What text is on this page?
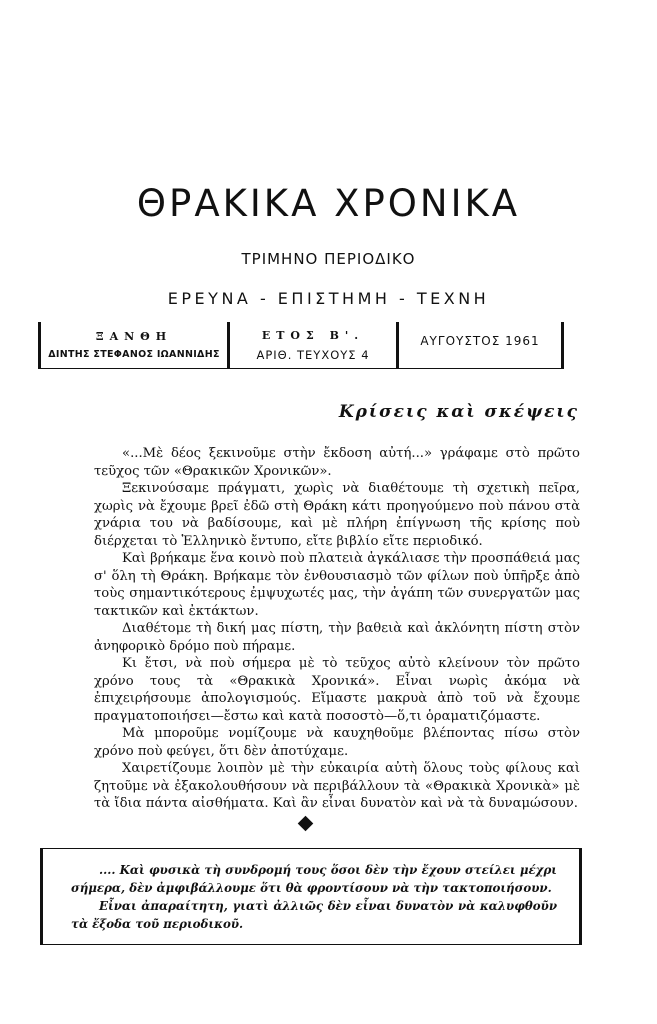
ΘΡΑΚΙΚΑ ΧΡΟΝΙΚΑ
ΤΡΙΜΗΝΟ ΠΕΡΙΟΔΙΚΟ
ΕΡΕΥΝΑ - ΕΠΙΣΤΗΜΗ - ΤΕΧΝΗ
ΞΑΝΘΗ
ΔΙΝΤΗΣ ΣΤΕΦΑΝΟΣ ΙΩΑΝΝΙΔΗΣ
ΕΤΟΣ Β'.
ΑΡΙΘ. ΤΕΥΧΟΥΣ 4
ΑΥΓΟΥΣΤΟΣ 1961
Κρίσεις καὶ σκέψεις

«...Μὲ δέος ξεκινοῦμε στὴν ἔκδοση αὐτή...» γράφαμε στὸ πρῶτο τεῦχος τῶν «Θρακικῶν Χρονικῶν».

Ξεκινούσαμε πράγματι, χωρὶς νὰ διαθέτουμε τὴ σχετικὴ πεῖρα, χωρὶς νὰ ἔχουμε βρεῖ ἐδῶ στὴ Θράκη κάτι προηγούμενο ποὺ πάνου στὰ χνάρια του νὰ βαδίσουμε, καὶ μὲ πλήρη ἐπίγνωση τῆς κρίσης ποὺ διέρχεται τὸ Ἑλληνικὸ ἔντυπο, εἴτε βιβλίο εἴτε περιοδικό.

Καὶ βρήκαμε ἕνα κοινὸ ποὺ πλατειὰ ἀγκάλιασε τὴν προσπάθειά μας σ' ὅλη τὴ Θράκη. Βρήκαμε τὸν ἐνθουσιασμὸ τῶν φίλων ποὺ ὑπῆρξε ἀπὸ τοὺς σημαντικότερους ἐμψυχωτές μας, τὴν ἀγάπη τῶν συνεργατῶν μας τακτικῶν καὶ ἐκτάκτων.

Διαθέτομε τὴ δική μας πίστη, τὴν βαθειὰ καὶ ἀκλόνητη πίστη στὸν ἀνηφορικὸ δρόμο ποὺ πήραμε.

Κι ἔτσι, νὰ ποὺ σήμερα μὲ τὸ τεῦχος αὐτὸ κλείνουν τὸν πρῶτο χρόνο τους τὰ «Θρακικὰ Χρονικά». Εἶναι νωρὶς ἀκόμα νὰ ἐπιχειρήσουμε ἀπολογισμούς. Εἴμαστε μακρυὰ ἀπὸ τοῦ νὰ ἔχουμε πραγματοποιήσει—ἔστω καὶ κατὰ ποσοστὸ—ὅ,τι ὁραματιζόμαστε.

Μὰ μποροῦμε νομίζουμε νὰ καυχηθοῦμε βλέποντας πίσω στὸν χρόνο ποὺ φεύγει, ὅτι δὲν ἀποτύχαμε.

Χαιρετίζουμε λοιπὸν μὲ τὴν εὐκαιρία αὐτὴ ὅλους τοὺς φίλους καὶ ζητοῦμε νὰ ἐξακολουθήσουν νὰ περιβάλλουν τὰ «Θρακικὰ Χρονικὰ» μὲ τὰ ἴδια πάντα αἰσθήματα. Καὶ ἂν εἶναι δυνατὸν καὶ νὰ τὰ δυναμώσουν.

.... Καὶ φυσικὰ τὴ συνδρομή τους ὅσοι δὲν τὴν ἔχουν στείλει μέχρι σήμερα, δὲν ἀμφιβάλλουμε ὅτι θὰ φροντίσουν νὰ τὴν τακτοποιήσουν.

Εἶναι ἀπαραίτητη, γιατὶ ἀλλιῶς δὲν εἶναι δυνατὸν νὰ καλυφθοῦν τὰ ἔξοδα τοῦ περιοδικοῦ.
